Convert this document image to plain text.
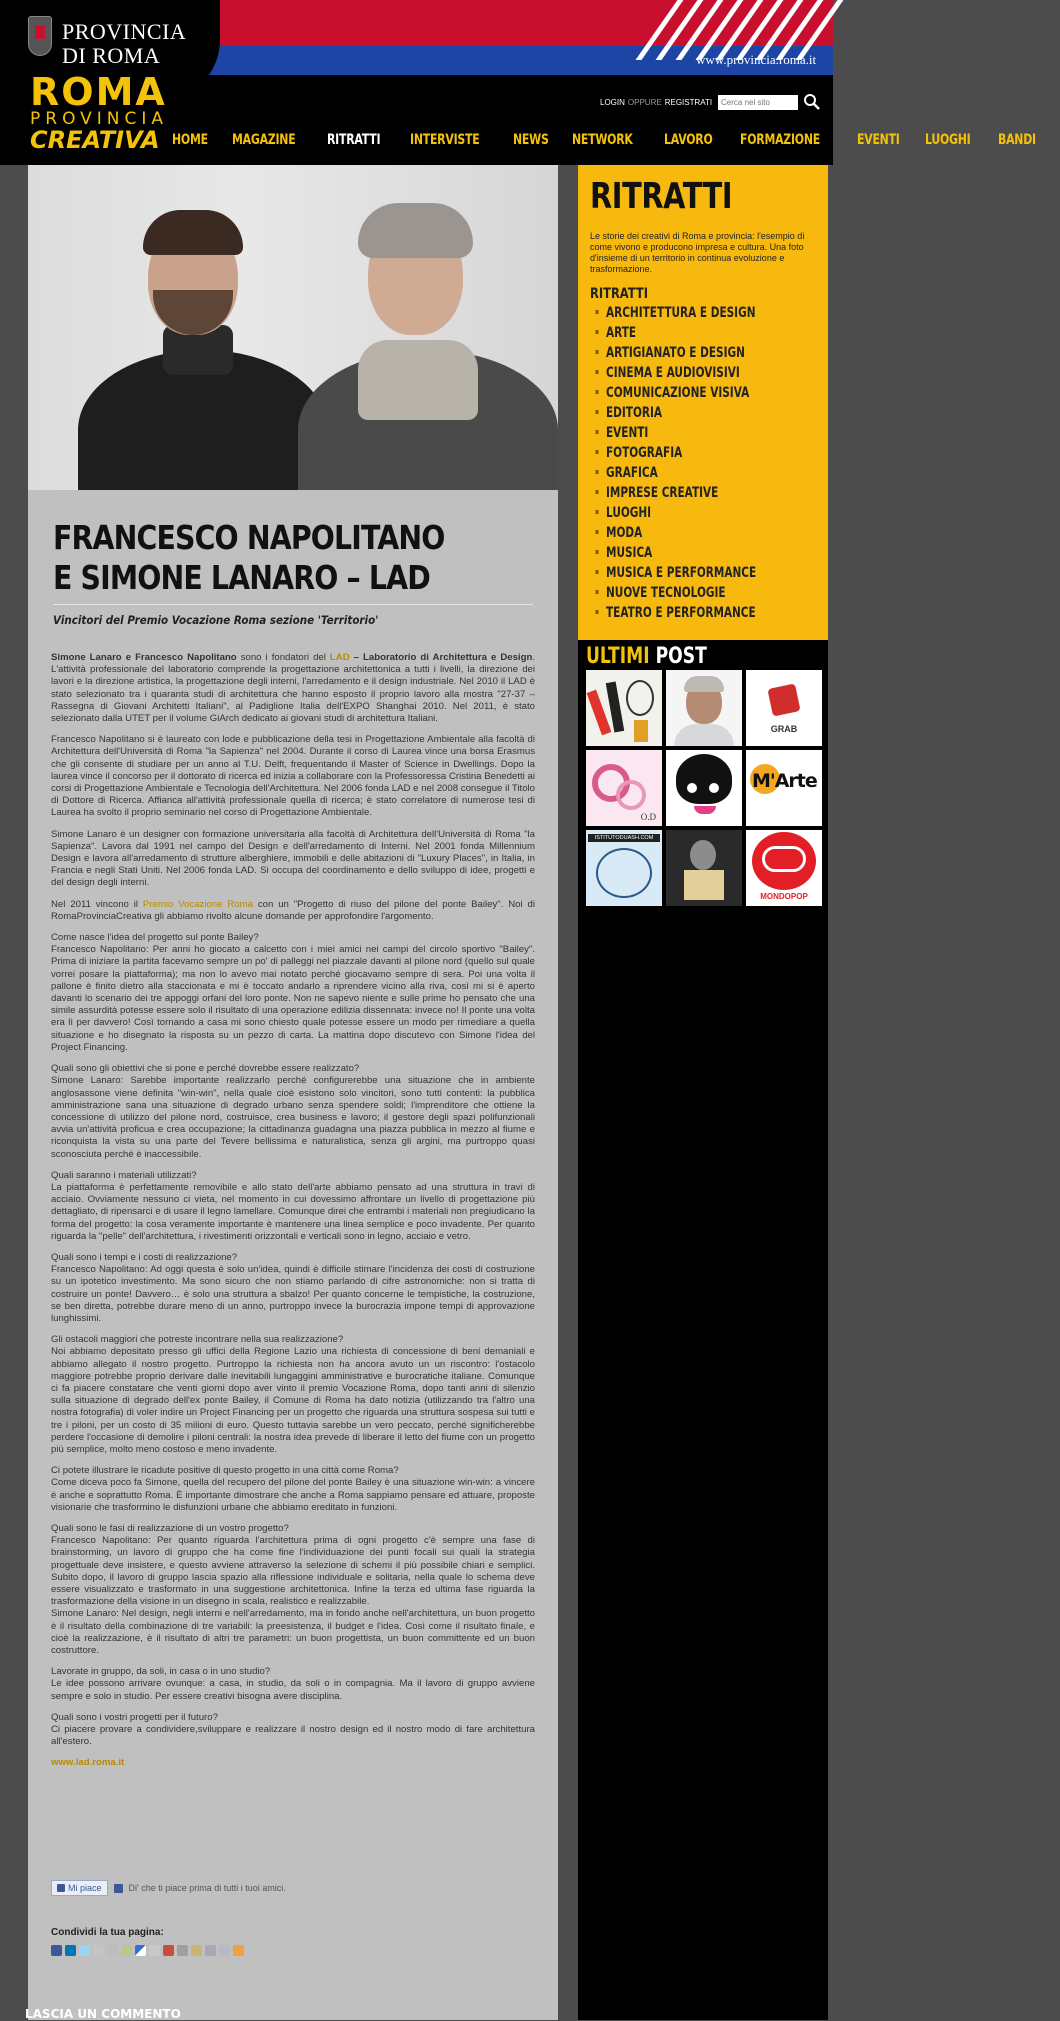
www.provincia.roma.it
PROVINCIA
DI ROMA
ROMA
PROVINCIA
CREATIVA
LOGIN OPPURE REGISTRATI
Cerca nel sito
HOME MAGAZINE RITRATTI INTERVISTE NEWS NETWORK LAVORO FORMAZIONE	EVENTI LUOGHI BANDI
FRANCESCO NAPOLITANO E SIMONE LANARO – LAD
Vincitori del Premio Vocazione Roma sezione 'Territorio'

Simone Lanaro e Francesco Napolitano sono i fondatori del LAD – Laboratorio di Architettura e Design. L'attività professionale del laboratorio comprende la progettazione architettonica a tutti i livelli, la direzione dei lavori e la direzione artistica, la progettazione degli interni, l'arredamento e il design industriale. Nel 2010 il LAD è stato selezionato tra i quaranta studi di architettura che hanno esposto il proprio lavoro alla mostra "27-37 – Rassegna di Giovani Architetti Italiani", al Padiglione Italia dell'EXPO Shanghai 2010. Nel 2011, è stato selezionato dalla UTET per il volume GiArch dedicato ai giovani studi di architettura Italiani.

Francesco Napolitano si è laureato con lode e pubblicazione della tesi in Progettazione Ambientale alla facoltà di Architettura dell'Università di Roma "la Sapienza" nel 2004. Durante il corso di Laurea vince una borsa Erasmus che gli consente di studiare per un anno al T.U. Delft, frequentando il Master of Science in Dwellings. Dopo la laurea vince il concorso per il dottorato di ricerca ed inizia a collaborare con la Professoressa Cristina Benedetti ai corsi di Progettazione Ambientale e Tecnologia dell'Architettura. Nel 2006 fonda LAD e nel 2008 consegue il Titolo di Dottore di Ricerca. Affianca all'attività professionale quella di ricerca; è stato correlatore di numerose tesi di Laurea ha svolto il proprio seminario nel corso di Progettazione Ambientale.

Simone Lanaro è un designer con formazione universitaria alla facoltà di Architettura dell'Università di Roma "la Sapienza". Lavora dal 1991 nel campo del Design e dell'arredamento di Interni. Nel 2001 fonda Millennium Design e lavora all'arredamento di strutture alberghiere, immobili e delle abitazioni di "Luxury Places", in Italia, in Francia e negli Stati Uniti. Nel 2006 fonda LAD. Si occupa del coordinamento e dello sviluppo di idee, progetti e del design degli interni.

Nel 2011 vincono il Premio Vocazione Roma con un "Progetto di riuso del pilone del ponte Bailey". Noi di RomaProvinciaCreativa gli abbiamo rivolto alcune domande per approfondire l'argomento.

Come nasce l'idea del progetto sul ponte Bailey?
Francesco Napolitano: Per anni ho giocato a calcetto con i miei amici nei campi del circolo sportivo "Bailey". Prima di iniziare la partita facevamo sempre un po' di palleggi nel piazzale davanti al pilone nord (quello sul quale vorrei posare la piattaforma); ma non lo avevo mai notato perché giocavamo sempre di sera. Poi una volta il pallone è finito dietro alla staccionata e mi è toccato andarlo a riprendere vicino alla riva, così mi si è aperto davanti lo scenario dei tre appoggi orfani del loro ponte. Non ne sapevo niente e sulle prime ho pensato che una simile assurdità potesse essere solo il risultato di una operazione edilizia dissennata: invece no! Il ponte una volta era lì per davvero! Così tornando a casa mi sono chiesto quale potesse essere un modo per rimediare a quella situazione e ho disegnato la risposta su un pezzo di carta. La mattina dopo discutevo con Simone l'idea del Project Financing.

Quali sono gli obiettivi che si pone e perché dovrebbe essere realizzato?
Simone Lanaro: Sarebbe importante realizzarlo perché configurerebbe una situazione che in ambiente anglosassone viene definita "win-win", nella quale cioè esistono solo vincitori, sono tutti contenti: la pubblica amministrazione sana una situazione di degrado urbano senza spendere soldi; l'imprenditore che ottiene la concessione di utilizzo del pilone nord, costruisce, crea business e lavoro; il gestore degli spazi polifunzionali avvia un'attività proficua e crea occupazione; la cittadinanza guadagna una piazza pubblica in mezzo al fiume e riconquista la vista su una parte del Tevere bellissima e naturalistica, senza gli argini, ma purtroppo quasi sconosciuta perché è inaccessibile.

Quali saranno i materiali utilizzati?
La piattaforma è perfettamente removibile e allo stato dell'arte abbiamo pensato ad una struttura in travi di acciaio. Ovviamente nessuno ci vieta, nel momento in cui dovessimo affrontare un livello di progettazione più dettagliato, di ripensarci e di usare il legno lamellare. Comunque direi che entrambi i materiali non pregiudicano la forma del progetto: la cosa veramente importante è mantenere una linea semplice e poco invadente. Per quanto riguarda la "pelle" dell'architettura, i rivestimenti orizzontali e verticali sono in legno, acciaio e vetro.

Quali sono i tempi e i costi di realizzazione?
Francesco Napolitano: Ad oggi questa è solo un'idea, quindi è difficile stimare l'incidenza dei costi di costruzione su un ipotetico investimento. Ma sono sicuro che non stiamo parlando di cifre astronomiche: non si tratta di costruire un ponte! Davvero… è solo una struttura a sbalzo! Per quanto concerne le tempistiche, la costruzione, se ben diretta, potrebbe durare meno di un anno, purtroppo invece la burocrazia impone tempi di approvazione lunghissimi.

Gli ostacoli maggiori che potreste incontrare nella sua realizzazione?
Noi abbiamo depositato presso gli uffici della Regione Lazio una richiesta di concessione di beni demaniali e abbiamo allegato il nostro progetto. Purtroppo la richiesta non ha ancora avuto un un riscontro: l'ostacolo maggiore potrebbe proprio derivare dalle inevitabili lungaggini amministrative e burocratiche italiane. Comunque ci fa piacere constatare che venti giorni dopo aver vinto il premio Vocazione Roma, dopo tanti anni di silenzio sulla situazione di degrado dell'ex ponte Bailey, il Comune di Roma ha dato notizia (utilizzando tra l'altro una nostra fotografia) di voler indire un Project Financing per un progetto che riguarda una struttura sospesa sui tutti e tre i piloni, per un costo di 35 milioni di euro. Questo tuttavia sarebbe un vero peccato, perché significherebbe perdere l'occasione di demolire i piloni centrali: la nostra idea prevede di liberare il letto del fiume con un progetto più semplice, molto meno costoso e meno invadente.

Ci potete illustrare le ricadute positive di questo progetto in una città come Roma?
Come diceva poco fa Simone, quella del recupero del pilone del ponte Bailey è una situazione win-win: a vincere è anche e soprattutto Roma. È importante dimostrare che anche a Roma sappiamo pensare ed attuare, proposte visionarie che trasformino le disfunzioni urbane che abbiamo ereditato in funzioni.

Quali sono le fasi di realizzazione di un vostro progetto?
Francesco Napolitano: Per quanto riguarda l'architettura prima di ogni progetto c'è sempre una fase di brainstorming, un lavoro di gruppo che ha come fine l'individuazione dei punti focali sui quali la strategia progettuale deve insistere, e questo avviene attraverso la selezione di schemi il più possibile chiari e semplici. Subito dopo, il lavoro di gruppo lascia spazio alla riflessione individuale e solitaria, nella quale lo schema deve essere visualizzato e trasformato in una suggestione architettonica. Infine la terza ed ultima fase riguarda la trasformazione della visione in un disegno in scala, realistico e realizzabile.
Simone Lanaro: Nel design, negli interni e nell'arredamento, ma in fondo anche nell'architettura, un buon progetto è il risultato della combinazione di tre variabili: la preesistenza, il budget e l'idea. Così come il risultato finale, e cioè la realizzazione, è il risultato di altri tre parametri: un buon progettista, un buon committente ed un buon costruttore.

Lavorate in gruppo, da soli, in casa o in uno studio?
Le idee possono arrivare ovunque: a casa, in studio, da soli o in compagnia. Ma il lavoro di gruppo avviene sempre e solo in studio. Per essere creativi bisogna avere disciplina.

Quali sono i vostri progetti per il futuro?
Ci piacere provare a condividere,sviluppare e realizzare il nostro design ed il nostro modo di fare architettura all'estero.

www.lad.roma.it

Mi piace	Di' che ti piace prima di tutti i tuoi amici.
Condividi la tua pagina:
LASCIA UN COMMENTO
RITRATTI
Le storie dei creativi di Roma e provincia: l'esempio di come vivono e producono impresa e cultura. Una foto d'insieme di un territorio in continua evoluzione e trasformazione.
RITRATTI
ARCHITETTURA E DESIGN
ARTE
ARTIGIANATO E DESIGN
CINEMA E AUDIOVISIVI
COMUNICAZIONE VISIVA
EDITORIA
EVENTI
FOTOGRAFIA
GRAFICA
IMPRESE CREATIVE
LUOGHI
MODA
MUSICA
MUSICA E PERFORMANCE
NUOVE TECNOLOGIE
TEATRO E PERFORMANCE
ULTIMI POST
GRAB
O.D
M'Arte
ISTITUTODUASH.COM
MONDOPOP
